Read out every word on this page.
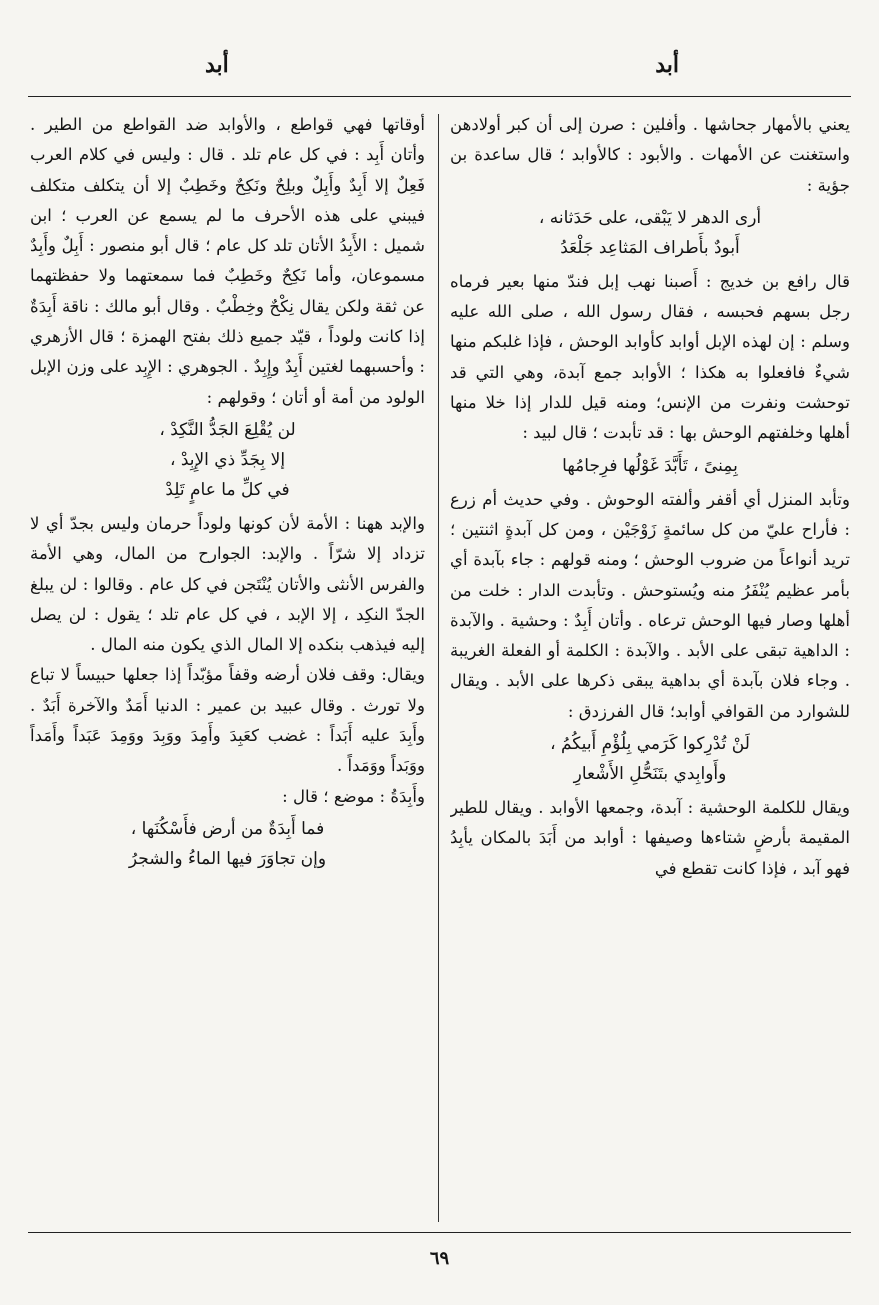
أبد
أبد

يعني بالأمهار جحاشها . وأفلين : صرن إلى أن كبر أولادهن واستغنت عن الأمهات . والأبود : كالأوابد ؛ قال ساعدة بن جؤية :

أرى الدهر لا يَبْقى، على حَدَثانه ،
أَبودٌ بأَطراف المَثاعِد جَلْعَدُ

قال رافع بن خديج : أَصبنا نهب إبل فندّ منها بعير فرماه رجل بسهم فحبسه ، فقال رسول الله ، صلى الله عليه وسلم : إن لهذه الإبل أوابد كأوابد الوحش ، فإذا غلبكم منها شيءٌ فافعلوا به هكذا ؛ الأوابد جمع آبدة، وهي التي قد توحشت ونفرت من الإنس؛ ومنه قيل للدار إذا خلا منها أهلها وخلفتهم الوحش بها : قد تأبدت ؛ قال لبيد :

بِمِنىً ، تَأَبَّدَ غَوْلُها فرِجامُها

وتأبد المنزل أي أقفر وألفته الوحوش . وفي حديث أم زرع : فأراح عليّ من كل سائمةٍ زَوْجَيْن ، ومن كل آبدةٍ اثنتين ؛ تريد أنواعاً من ضروب الوحش ؛ ومنه قولهم : جاء بآبدة أي بأمر عظيم يُنْفَرُ منه ويُستوحش . وتأبدت الدار : خلت من أهلها وصار فيها الوحش ترعاه . وأتان أَبِدٌ : وحشية . والآبدة : الداهية تبقى على الأبد . والآبدة : الكلمة أو الفعلة الغريبة . وجاء فلان بآبدة أي بداهية يبقى ذكرها على الأبد . ويقال للشوارد من القوافي أوابد؛ قال الفرزدق :

لَنْ تُدْرِكوا كَرَمي بِلُؤْمِ أَبيكُمُ ،
وأَوابِدي بتَنَحُّلِ الأَشْعارِ

ويقال للكلمة الوحشية : آبدة، وجمعها الأوابد . ويقال للطير المقيمة بأرضٍ شتاءها وصيفها : أوابد من أَبَدَ بالمكان يأبِدُ فهو آبد ، فإذا كانت تقطع في

أوقاتها فهي قواطع ، والأوابد ضد القواطع من الطير . وأتان أَبِد : في كل عام تلد . قال : وليس في كلام العرب فَعِلٌ إلا أَبِدٌ وأَبِلٌ وبلِحٌ ونَكِحٌ وخَطِبٌ إلا أن يتكلف متكلف فيبني على هذه الأحرف ما لم يسمع عن العرب ؛ ابن شميل : الأَبِدُ الأتان تلد كل عام ؛ قال أبو منصور : أَبِلٌ وأَبِدٌ مسموعان، وأما نَكِحٌ وخَطِبٌ فما سمعتهما ولا حفظتهما عن ثقة ولكن يقال نِكْحٌ وخِطْبٌ . وقال أبو مالك : ناقة أَبِدَةٌ إذا كانت ولوداً ، قيّد جميع ذلك بفتح الهمزة ؛ قال الأزهري : وأحسبهما لغتين أَبِدٌ وإِبِدٌ . الجوهري : الإِبِد على وزن الإبل الولود من أمة أو أتان ؛ وقولهم :

لن يُقْلِعَ الجَدُّ النَّكِدْ ،
إلا بِجَدِّ ذي الإِبِدْ ،
في كلِّ ما عامٍ تَلِدْ

والإبد ههنا : الأمة لأن كونها ولوداً حرمان وليس بجدّ أي لا تزداد إلا شرّاً . والإبد: الجوارح من المال، وهي الأمة والفرس الأنثى والأتان يُنْتَجن في كل عام . وقالوا : لن يبلغ الجدّ النكِد ، إلا الإبد ، في كل عام تلد ؛ يقول : لن يصل إليه فيذهب بنكده إلا المال الذي يكون منه المال .

ويقال: وقف فلان أرضه وقفاً مؤبّداً إذا جعلها حبيساً لا تباع ولا تورث . وقال عبيد بن عمير : الدنيا أَمَدٌ والآخرة أَبَدٌ . وأَبِدَ عليه أَبَداً : غضب كعَبِدَ وأَمِدَ ووَبِدَ ووَمِدَ عَبَداً وأَمَداً ووَبَداً ووَمَداً .

وأَبِدَةُ : موضع ؛ قال :

فما أَبِدَةٌ من أرض فأَسْكُنَها ،
وإن تجاوَرَ فيها الماءُ والشجرُ
٦٩
